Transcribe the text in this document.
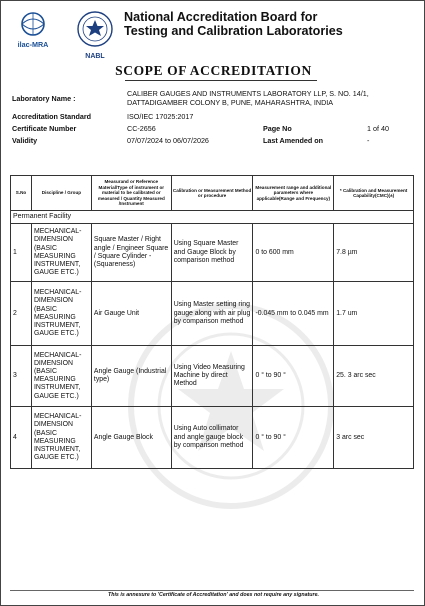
ilac-MRA
NABL
National Accreditation Board for
Testing and Calibration Laboratories
SCOPE OF ACCREDITATION
Laboratory Name :
CALIBER GAUGES AND INSTRUMENTS LABORATORY LLP, S. NO. 14/1,
DATTADIGAMBER COLONY B, PUNE, MAHARASHTRA, INDIA
Accreditation Standard	ISO/IEC 17025:2017
Certificate Number	CC-2656	Page No	1 of 40
Validity	07/07/2024 to 06/07/2026	Last Amended on	-
S.No	Discipline / Group	Measurand or Reference Material/Type of instrument or material to be calibrated or measured / Quantity Measured /Instrument	Calibration or Measurement Method or procedure	Measurement range and additional parameters where applicable(Range and Frequency)	* Calibration and Measurement Capability(CMC)(±)
Permanent Facility					
1	MECHANICAL- DIMENSION (BASIC MEASURING INSTRUMENT, GAUGE ETC.)	Square Master / Right angle / Engineer Square / Square Cylinder - (Squareness)	Using Square Master and Gauge Block by comparison method	0 to 600 mm	7.8 µm
2	MECHANICAL- DIMENSION (BASIC MEASURING INSTRUMENT, GAUGE ETC.)	Air Gauge Unit	Using Master setting ring gauge along with air plug by comparison method	-0.045 mm to 0.045 mm	1.7 um
3	MECHANICAL- DIMENSION (BASIC MEASURING INSTRUMENT, GAUGE ETC.)	Angle Gauge (Industrial type)	Using Video Measuring Machine by direct Method	0 ° to 90 °	25. 3 arc sec
4	MECHANICAL- DIMENSION (BASIC MEASURING INSTRUMENT, GAUGE ETC.)	Angle Gauge Block	Using Auto collimator and angle gauge block by comparison method	0 ° to 90 °	3 arc sec
This is annexure to 'Certificate of Accreditation' and does not require any signature.
